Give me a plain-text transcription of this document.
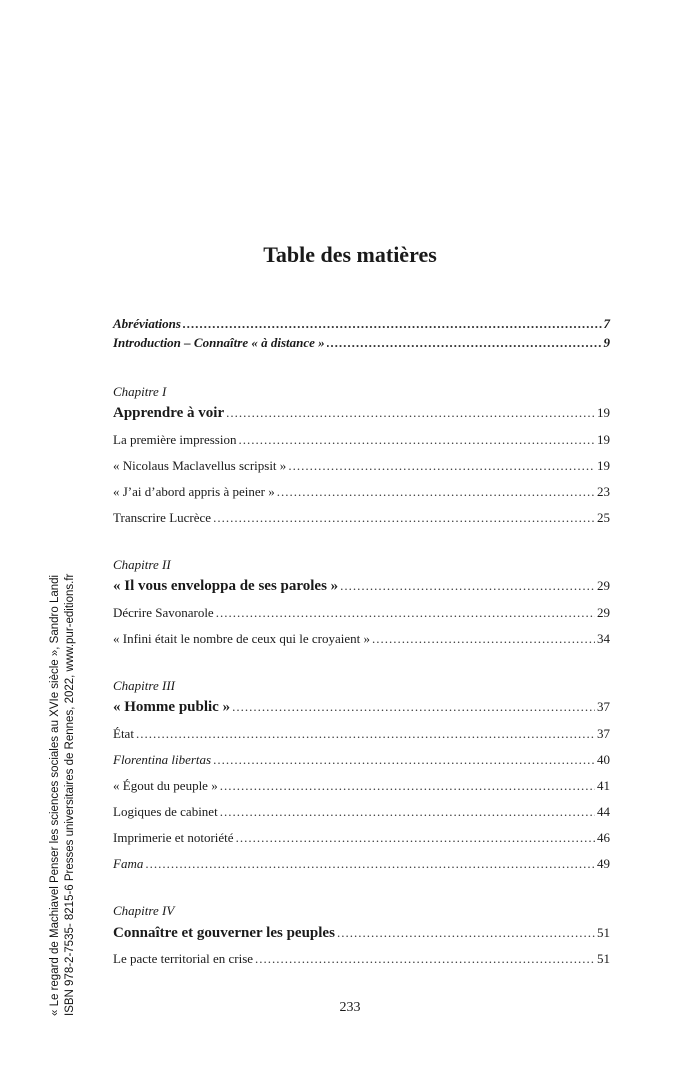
Table des matières
Abréviations .....	7
Introduction – Connaître « à distance » .....	9
Chapitre I
Apprendre à voir .....	19
La première impression .....	19
« Nicolaus Maclavellus scripsit » .....	19
« J’ai d’abord appris à peiner » .....	23
Transcrire Lucrèce .....	25
Chapitre II
« Il vous enveloppa de ses paroles » .....	29
Décrire Savonarole .....	29
« Infini était le nombre de ceux qui le croyaient » .....	34
Chapitre III
« Homme public » .....	37
État .....	37
Florentina libertas .....	40
« Égout du peuple » .....	41
Logiques de cabinet .....	44
Imprimerie et notoriété .....	46
Fama .....	49
Chapitre IV
Connaître et gouverner les peuples .....	51
Le pacte territorial en crise .....	51
233
« Le regard de Machiavel Penser les sciences sociales au XVIe siècle », Sandro Landi ISBN 978-2-7535- 8215-6 Presses universitaires de Rennes, 2022, www.pur-editions.fr
